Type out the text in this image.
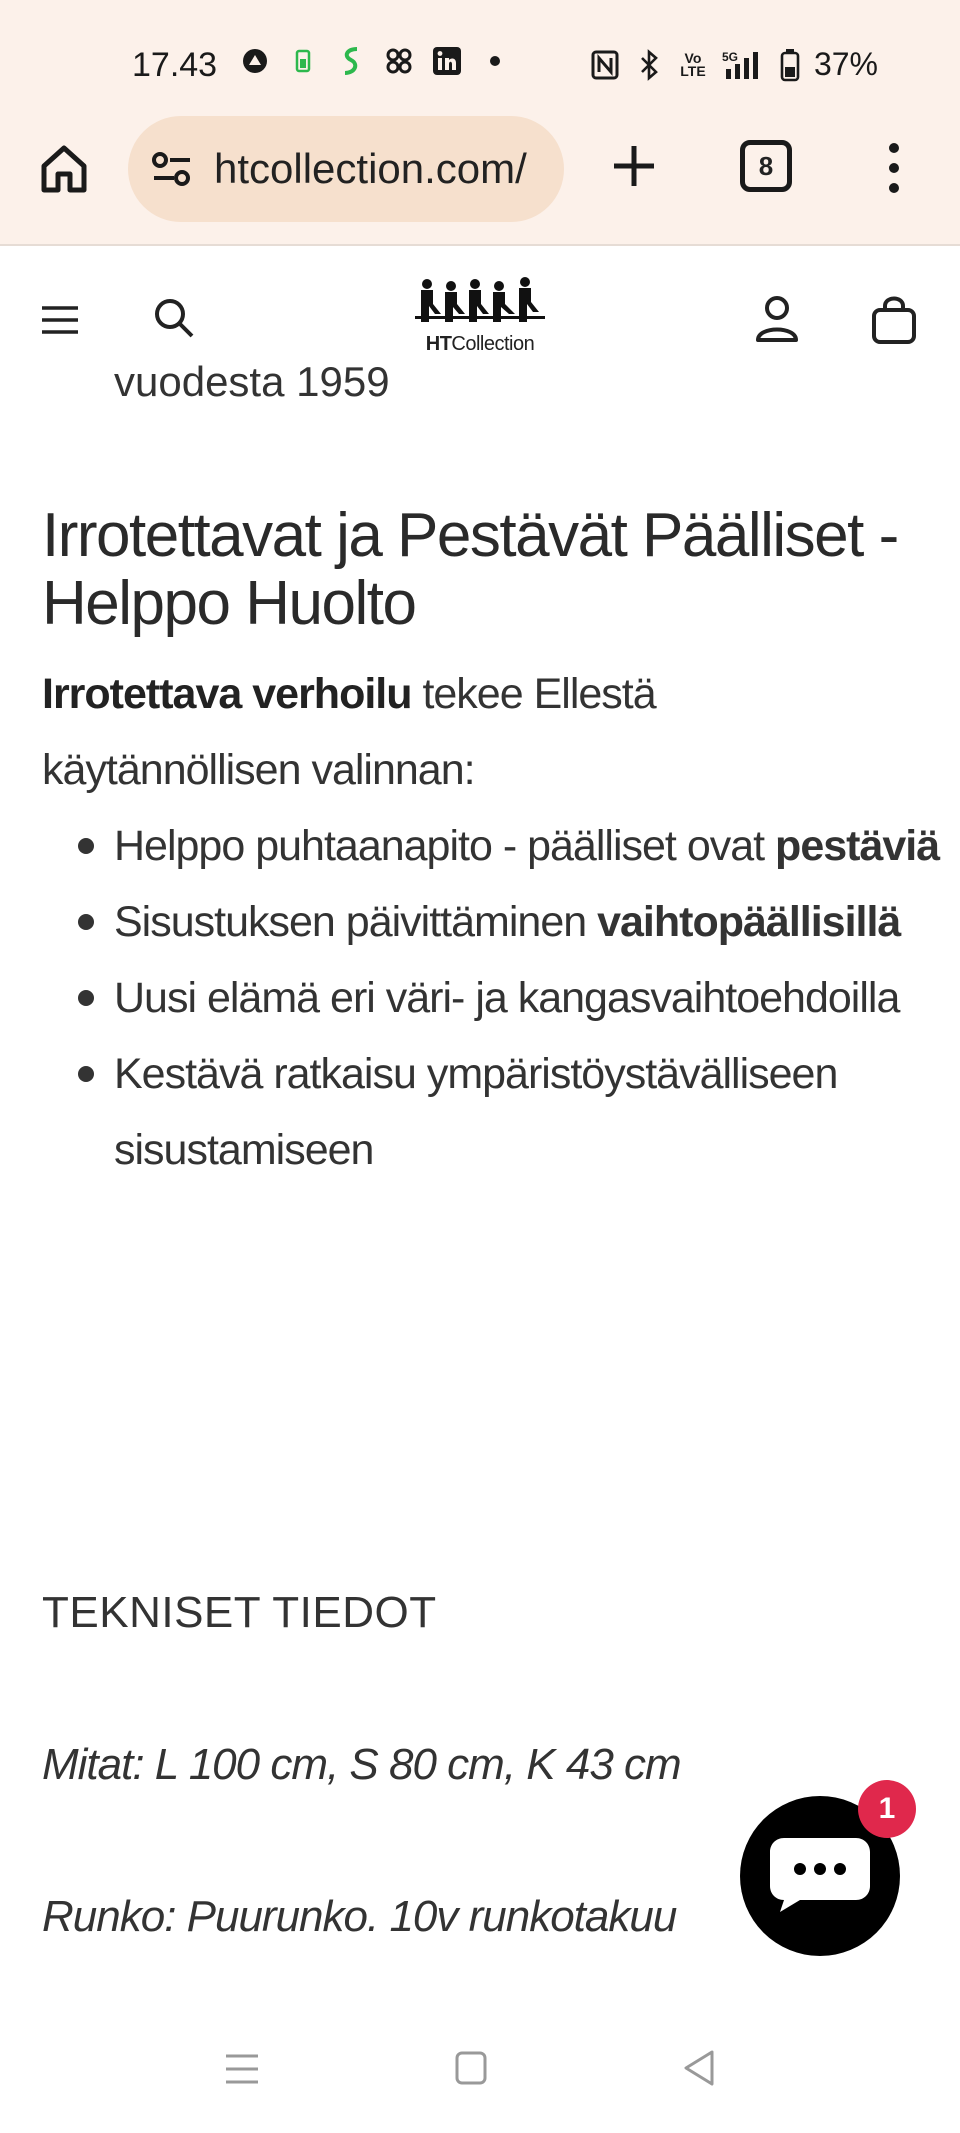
17.43	Vo
LTE
5G 37%
htcollection.com/	8
HTCollection
vuodesta 1959
Irrotettavat ja Pestävät Päälliset - Helppo Huolto

Irrotettava verhoilu tekee Ellestä käytännöllisen valinnan:

Helppo puhtaanapito - päälliset ovat pestäviä
Sisustuksen päivittäminen vaihtopäällisillä
Uusi elämä eri väri- ja kangasvaihtoehdoilla
Kestävä ratkaisu ympäristöystävälliseen sisustamiseen
TEKNISET TIEDOT
Mitat: L 100 cm, S 80 cm, K 43 cm
Runko: Puurunko. 10v runkotakuu
1
